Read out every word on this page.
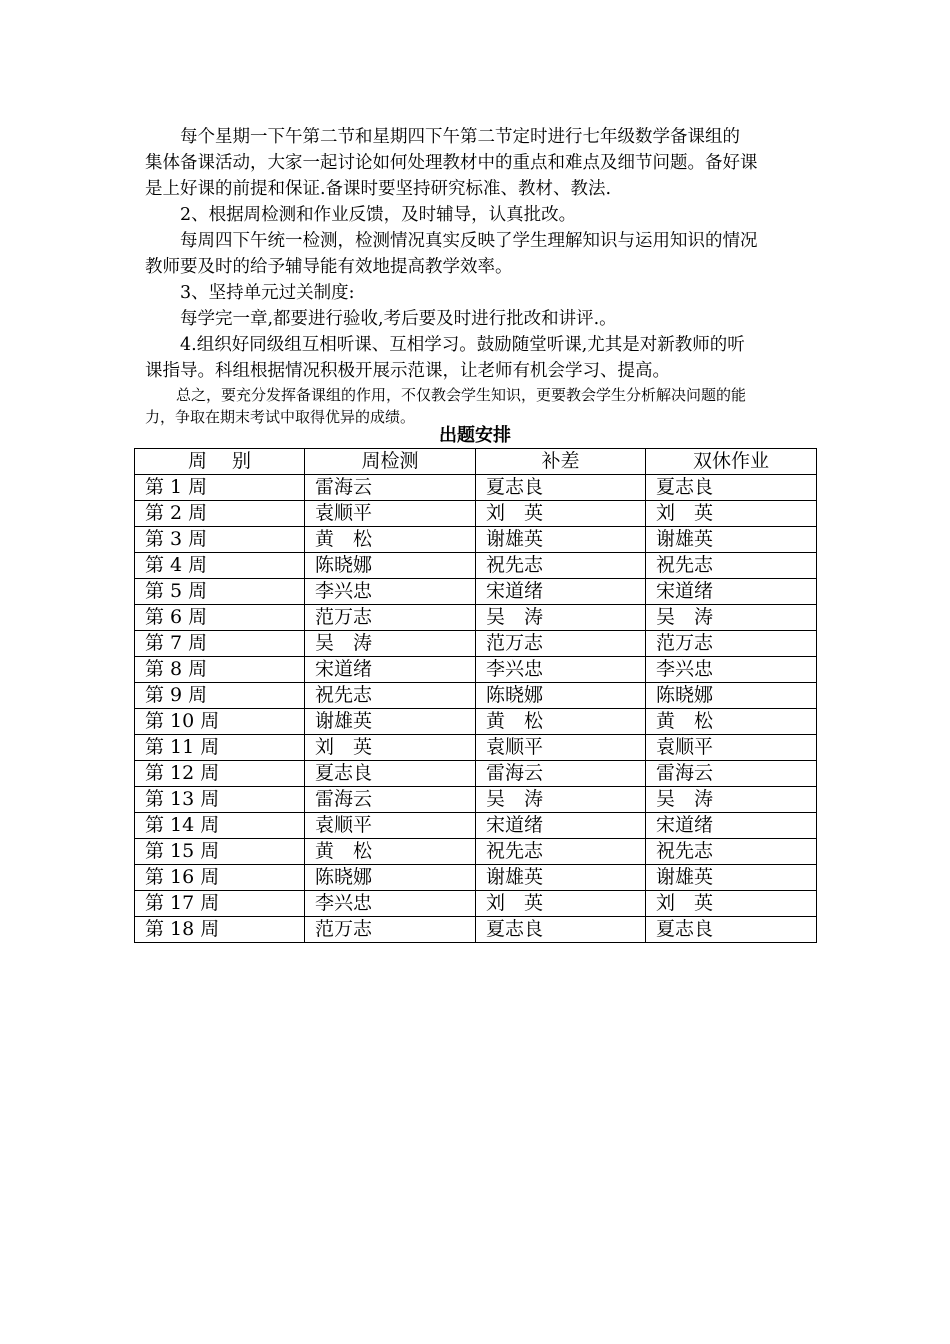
每个星期一下午第二节和星期四下午第二节定时进行七年级数学备课组的

集体备课活动，大家一起讨论如何处理教材中的重点和难点及细节问题。备好课

是上好课的前提和保证.备课时要坚持研究标准、教材、教法.

2、根据周检测和作业反馈，及时辅导，认真批改。

每周四下午统一检测，检测情况真实反映了学生理解知识与运用知识的情况

教师要及时的给予辅导能有效地提高教学效率。

3、坚持单元过关制度:

每学完一章,都要进行验收,考后要及时进行批改和讲评.。

4.组织好同级组互相听课、互相学习。鼓励随堂听课,尤其是对新教师的听

课指导。科组根据情况积极开展示范课，让老师有机会学习、提高。

总之，要充分发挥备课组的作用，不仅教会学生知识，更要教会学生分析解决问题的能

力，争取在期末考试中取得优异的成绩。

出题安排
周　 别	周检测	补差	双休作业
第 1 周	雷海云	夏志良	夏志良
第 2 周	袁顺平	刘　英	刘　英
第 3 周	黄　松	谢雄英	谢雄英
第 4 周	陈晓娜	祝先志	祝先志
第 5 周	李兴忠	宋道绪	宋道绪
第 6 周	范万志	吴　涛	吴　涛
第 7 周	吴　涛	范万志	范万志
第 8 周	宋道绪	李兴忠	李兴忠
第 9 周	祝先志	陈晓娜	陈晓娜
第 10 周	谢雄英	黄　松	黄　松
第 11 周	刘　英	袁顺平	袁顺平
第 12 周	夏志良	雷海云	雷海云
第 13 周	雷海云	吴　涛	吴　涛
第 14 周	袁顺平	宋道绪	宋道绪
第 15 周	黄　松	祝先志	祝先志
第 16 周	陈晓娜	谢雄英	谢雄英
第 17 周	李兴忠	刘　英	刘　英
第 18 周	范万志	夏志良	夏志良
